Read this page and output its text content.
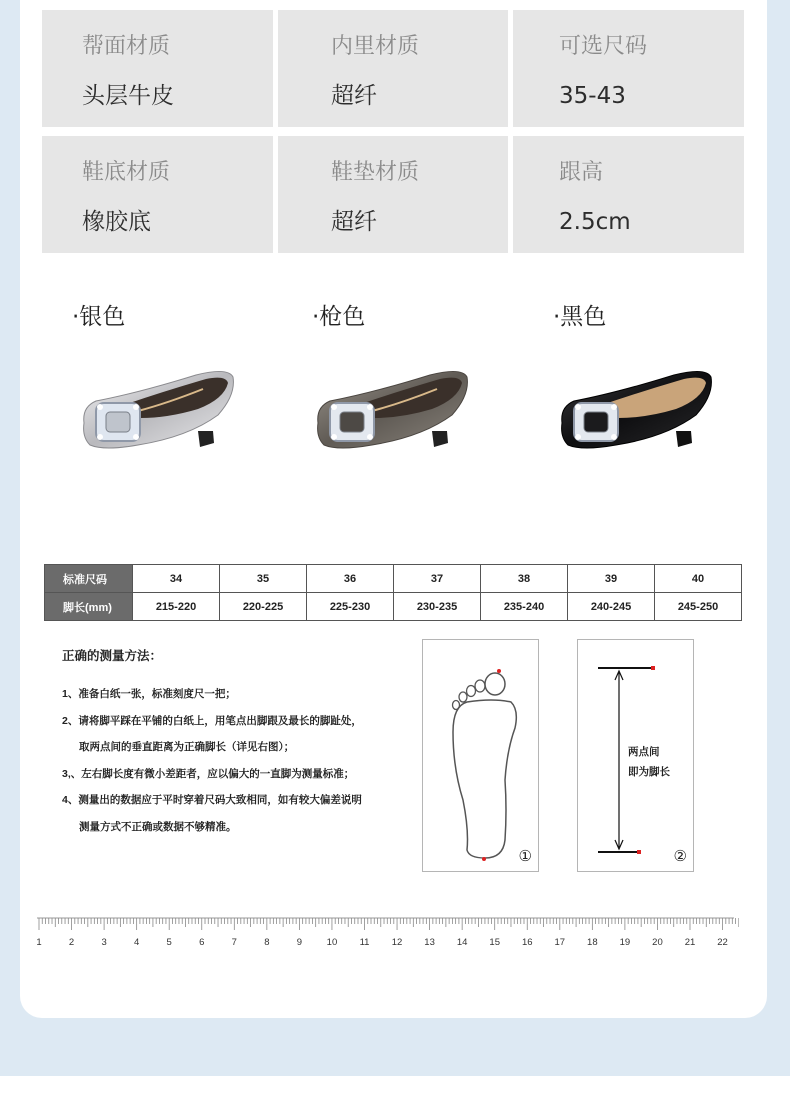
帮面材质
头层牛皮
内里材质
超纤
可选尺码
35-43
鞋底材质
橡胶底
鞋垫材质
超纤
跟高
2.5cm
·银色	·枪色	·黑色
标准尺码	34	35	36	37	38	39	40
脚长(mm)	215-220	220-225	225-230	230-235	235-240	240-245	245-250
正确的测量方法：
1、准备白纸一张，标准刻度尺一把；
2、请将脚平踩在平铺的白纸上，用笔点出脚跟及最长的脚趾处，
取两点间的垂直距离为正确脚长（详见右图）；
3,、左右脚长度有微小差距者，应以偏大的一直脚为测量标准；
4、测量出的数据应于平时穿着尺码大致相同，如有较大偏差说明
测量方式不正确或数据不够精准。
①
两点间
即为脚长
②
1	2	3	4	5	6	7	8	9	10 11 12 13 14 15 16 17 18 19 20 21 22
